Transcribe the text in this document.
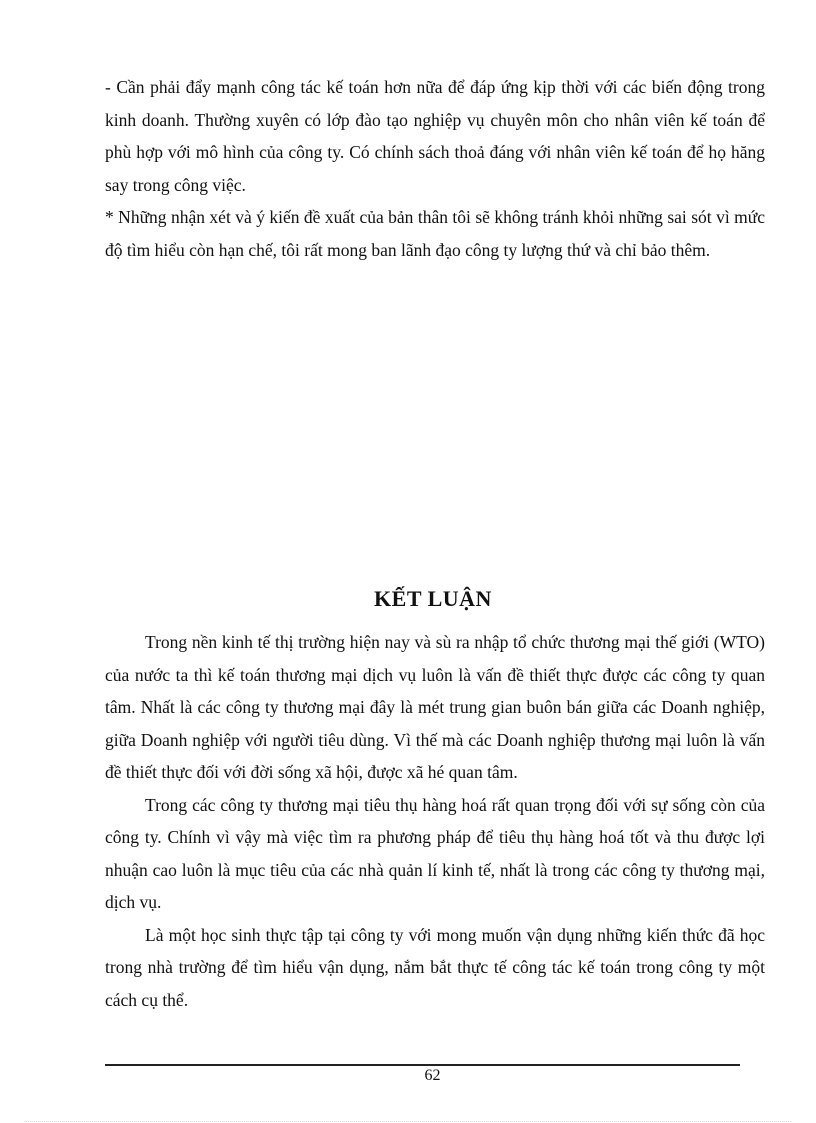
- Cần phải đẩy mạnh công tác kế toán hơn nữa để đáp ứng kịp thời với các biến động trong kinh doanh. Thường xuyên có lớp đào tạo nghiệp vụ chuyên môn cho nhân viên kế toán để phù hợp với mô hình của công ty. Có chính sách thoả đáng với nhân viên kế toán để họ hăng say trong công việc.

* Những nhận xét và ý kiến đề xuất của bản thân tôi sẽ không tránh khỏi những sai sót vì mức độ tìm hiểu còn hạn chế, tôi rất mong ban lãnh đạo công ty lượng thứ và chỉ bảo thêm.

KẾT LUẬN

Trong nền kinh tế thị trường hiện nay và sù ra nhập tổ chức thương mại thế giới (WTO) của nước ta thì kế toán thương mại dịch vụ luôn là vấn đề thiết thực được các công ty quan tâm. Nhất là các công ty thương mại đây là mét trung gian buôn bán giữa các Doanh nghiệp, giữa Doanh nghiệp với người tiêu dùng. Vì thế mà các Doanh nghiệp thương mại luôn là vấn đề thiết thực đối với đời sống xã hội, được xã hé quan tâm.

Trong các công ty thương mại tiêu thụ hàng hoá rất quan trọng đối với sự sống còn của công ty. Chính vì vậy mà việc tìm ra phương pháp để tiêu thụ hàng hoá tốt và thu được lợi nhuận cao luôn là mục tiêu của các nhà quản lí kinh tế, nhất là trong các công ty thương mại, dịch vụ.

Là một học sinh thực tập tại công ty với mong muốn vận dụng những kiến thức đã học trong nhà trường để tìm hiểu vận dụng, nắm bắt thực tế công tác kế toán trong công ty một cách cụ thể.

62
